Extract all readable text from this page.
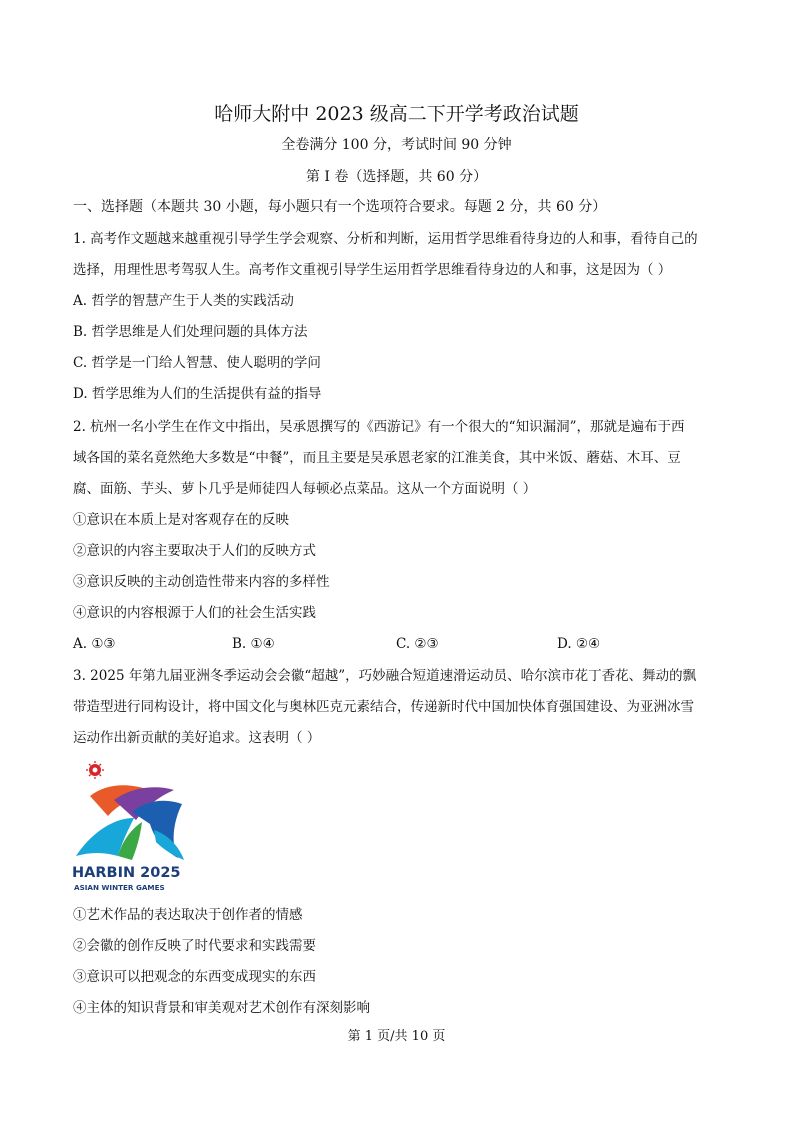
哈师大附中 2023 级高二下开学考政治试题
全卷满分 100 分，考试时间 90 分钟
第 I 卷（选择题，共 60 分）
一、选择题（本题共 30 小题，每小题只有一个选项符合要求。每题 2 分，共 60 分）
1. 高考作文题越来越重视引导学生学会观察、分析和判断，运用哲学思维看待身边的人和事，看待自己的
选择，用理性思考驾驭人生。高考作文重视引导学生运用哲学思维看待身边的人和事，这是因为（ ）
A. 哲学的智慧产生于人类的实践活动
B. 哲学思维是人们处理问题的具体方法
C. 哲学是一门给人智慧、使人聪明的学问
D. 哲学思维为人们的生活提供有益的指导
2. 杭州一名小学生在作文中指出，吴承恩撰写的《西游记》有一个很大的“知识漏洞”，那就是遍布于西
域各国的菜名竟然绝大多数是“中餐”，而且主要是吴承恩老家的江淮美食，其中米饭、蘑菇、木耳、豆
腐、面筋、芋头、萝卜几乎是师徒四人每顿必点菜品。这从一个方面说明（ ）
①意识在本质上是对客观存在的反映
②意识的内容主要取决于人们的反映方式
③意识反映的主动创造性带来内容的多样性
④意识的内容根源于人们的社会生活实践
A. ①③	B. ①④	C. ②③	D. ②④
3. 2025 年第九届亚洲冬季运动会会徽“超越”，巧妙融合短道速滑运动员、哈尔滨市花丁香花、舞动的飘
带造型进行同构设计，将中国文化与奥林匹克元素结合，传递新时代中国加快体育强国建设、为亚洲冰雪
运动作出新贡献的美好追求。这表明（ ）
HARBIN 2025
ASIAN WINTER GAMES
①艺术作品的表达取决于创作者的情感
②会徽的创作反映了时代要求和实践需要
③意识可以把观念的东西变成现实的东西
④主体的知识背景和审美观对艺术创作有深刻影响
第 1 页/共 10 页
